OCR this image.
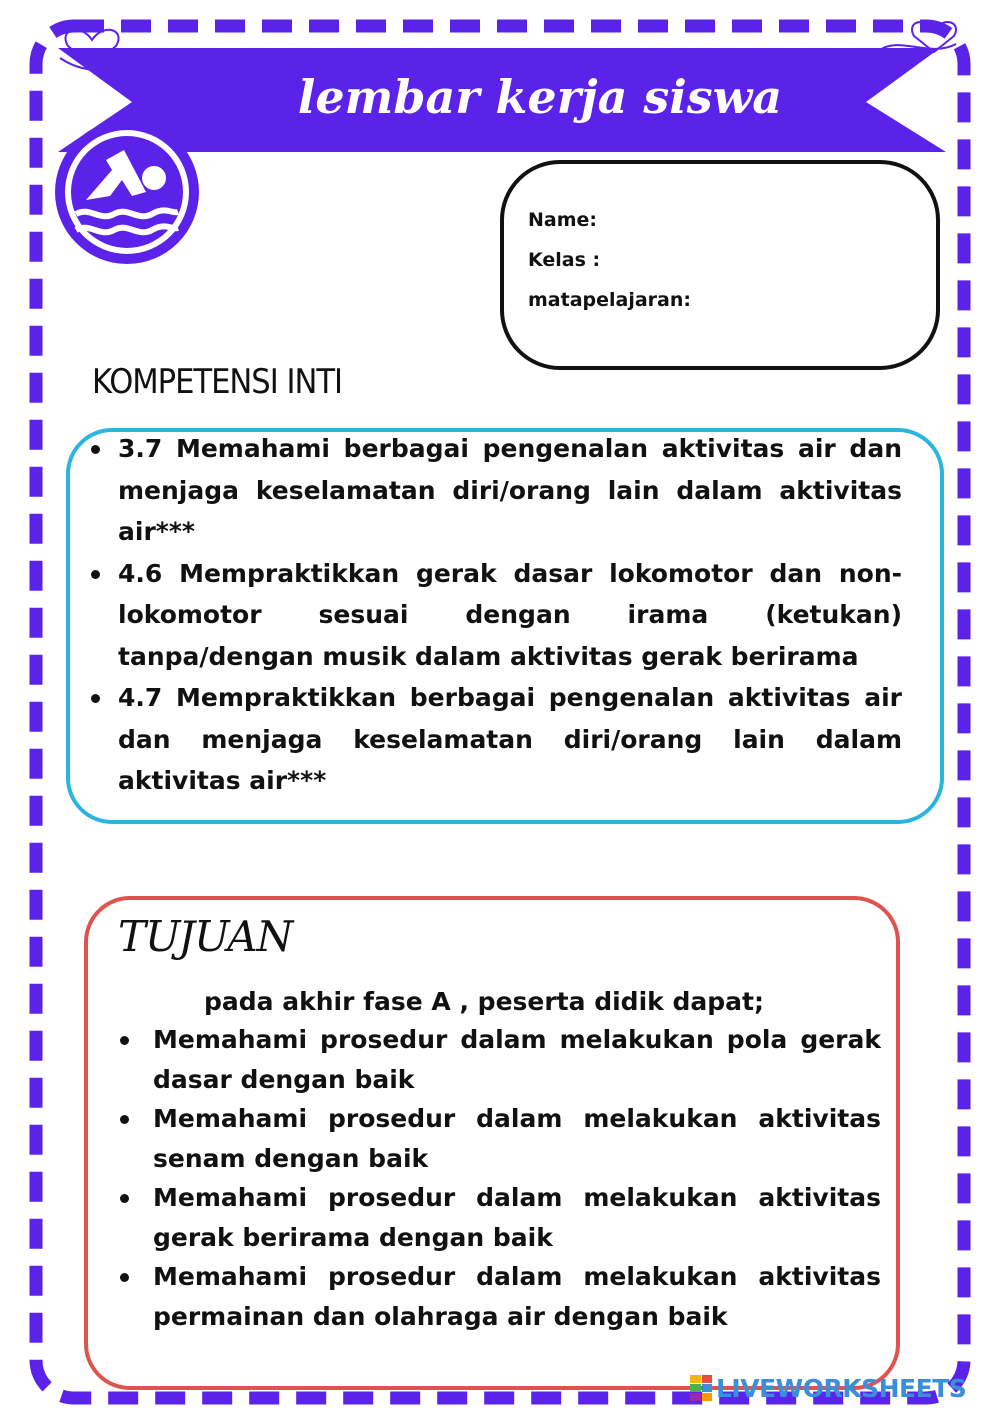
lembar kerja siswa
Name:
Kelas :
matapelajaran:
KOMPETENSI INTI
3.7 Memahami berbagai pengenalan aktivitas air dan menjaga keselamatan diri/orang lain dalam aktivitas air***
4.6 Mempraktikkan gerak dasar lokomotor dan non-lokomotor sesuai dengan irama (ketukan) tanpa/dengan musik dalam aktivitas gerak berirama
4.7 Mempraktikkan berbagai pengenalan aktivitas air dan menjaga keselamatan diri/orang lain dalam aktivitas air***
TUJUAN
pada akhir fase A , peserta didik dapat;
Memahami prosedur dalam melakukan pola gerak dasar dengan baik
Memahami prosedur dalam melakukan aktivitas senam dengan baik
Memahami prosedur dalam melakukan aktivitas gerak berirama dengan baik
Memahami prosedur dalam melakukan aktivitas permainan dan olahraga air dengan baik
LIVEWORKSHEETS
